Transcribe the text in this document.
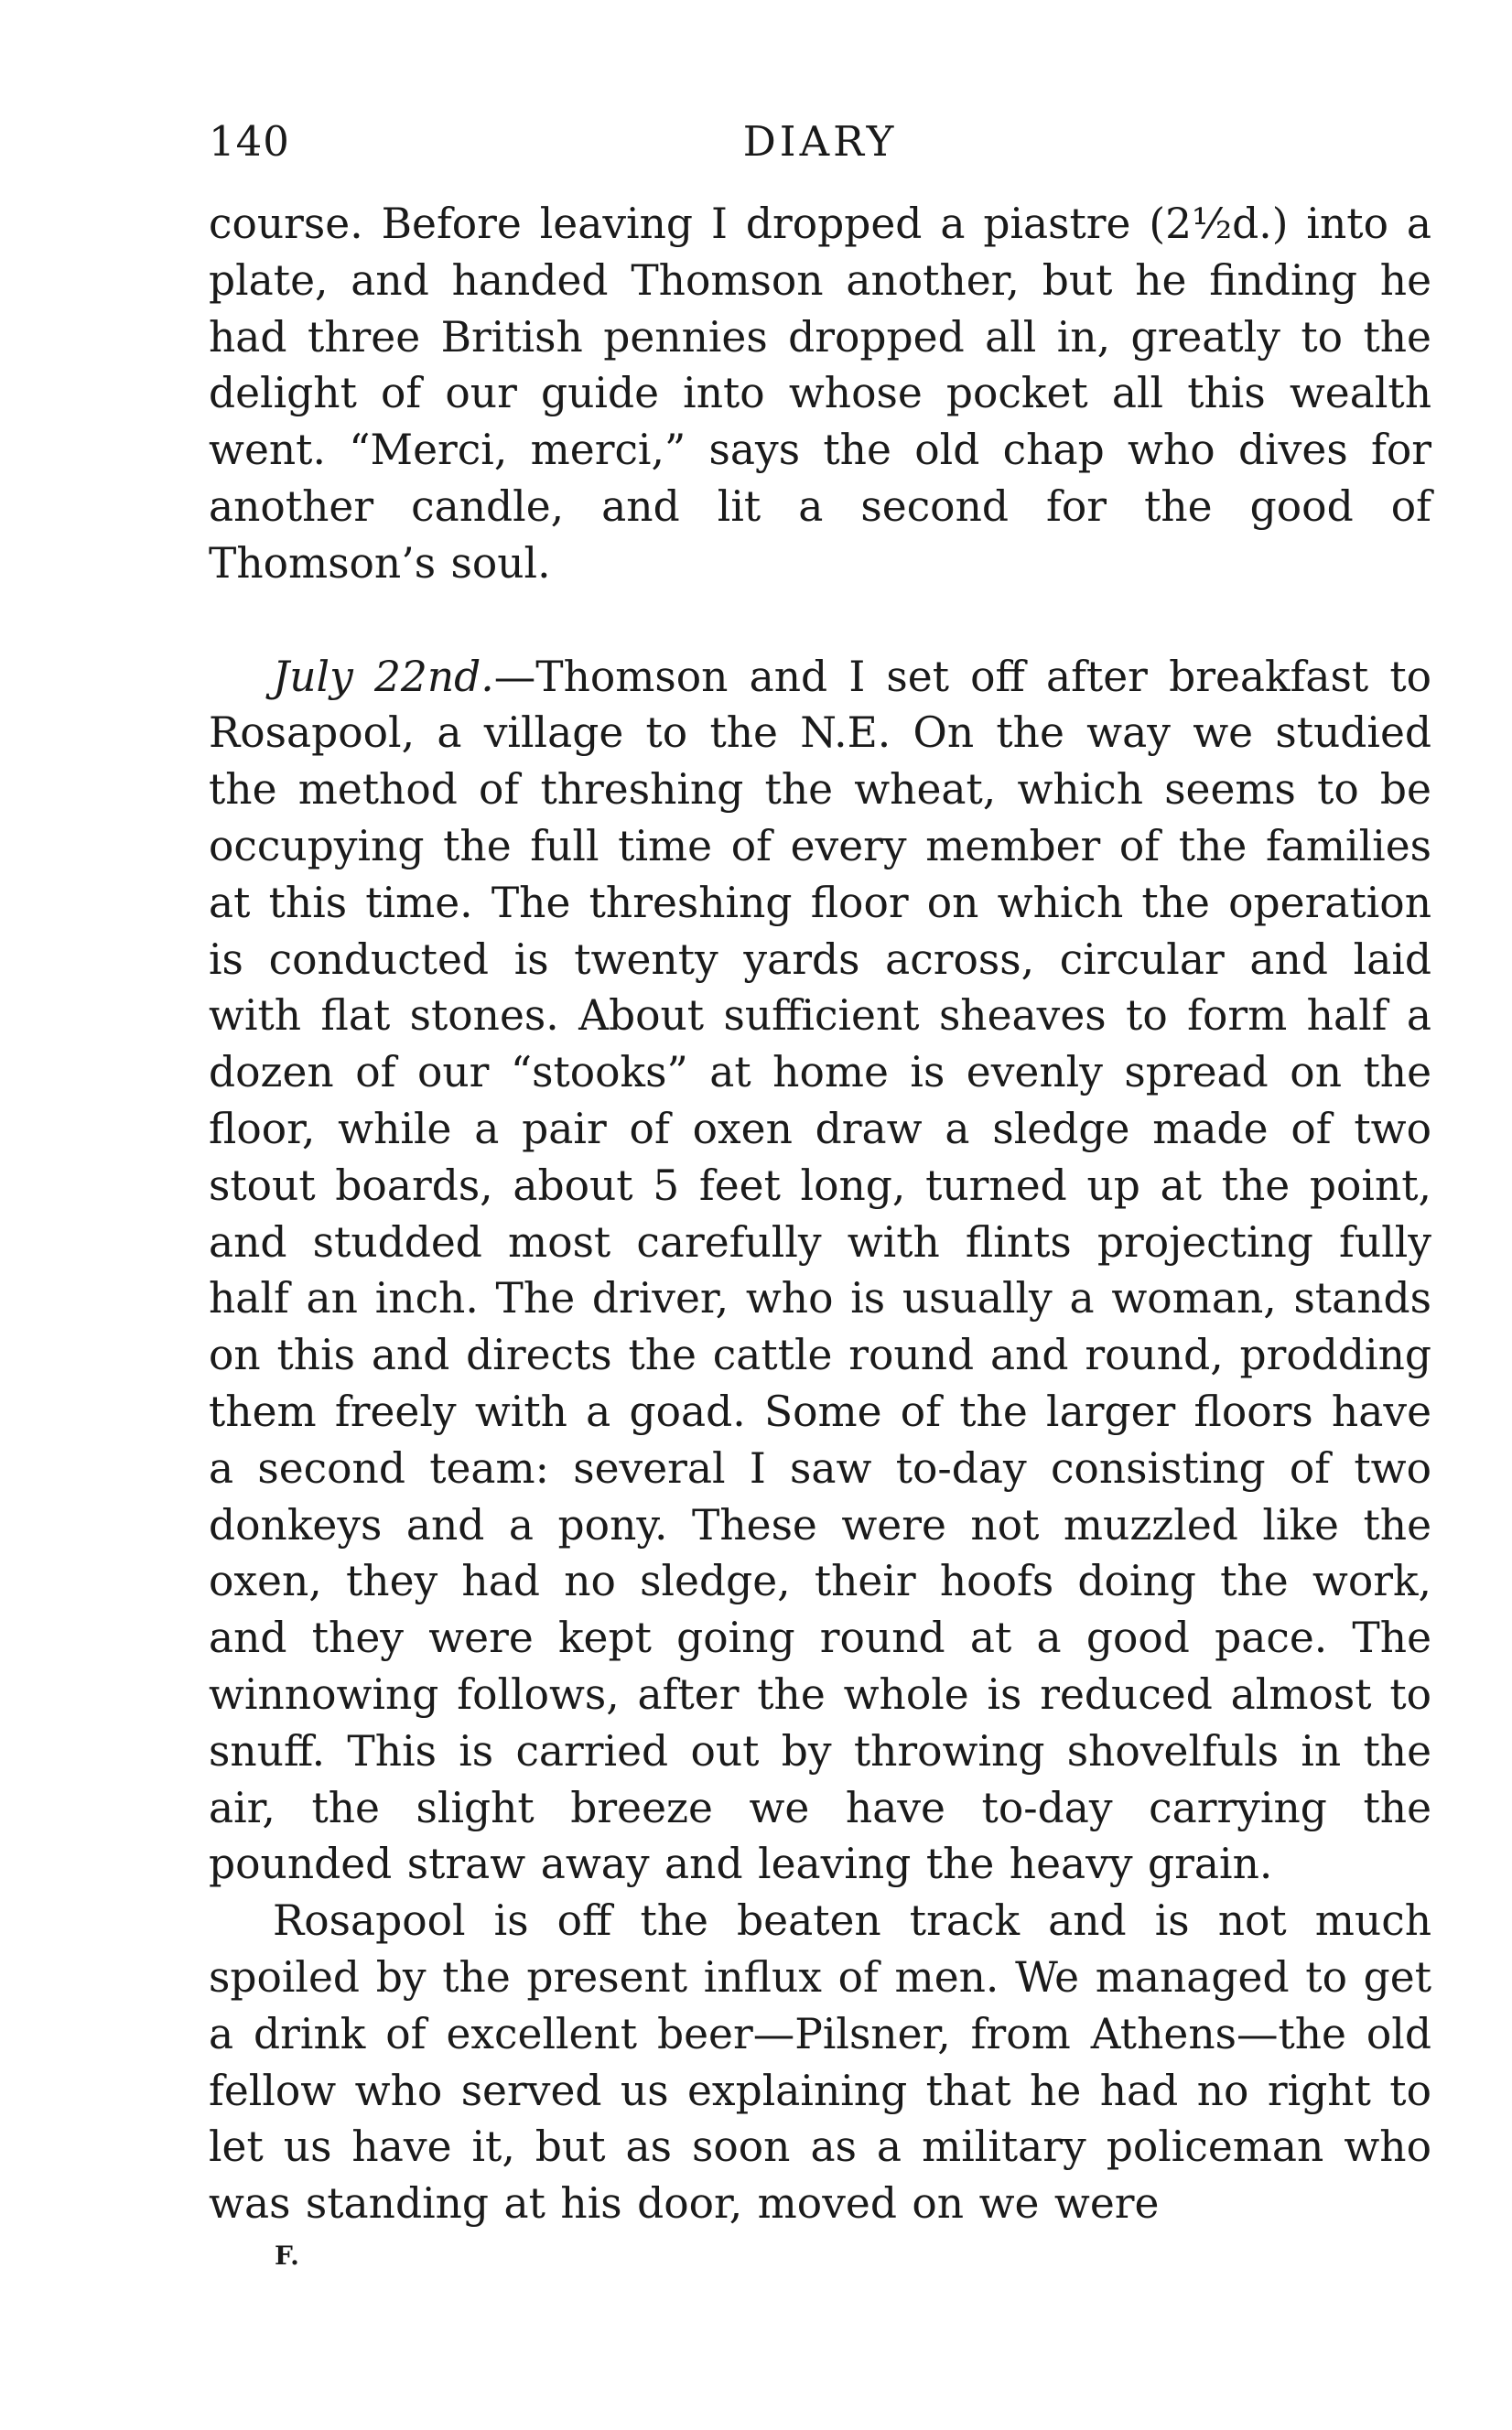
140	DIARY

course. Before leaving I dropped a piastre (2½d.) into a plate, and handed Thomson another, but he finding he had three British pennies dropped all in, greatly to the delight of our guide into whose pocket all this wealth went. “Merci, merci,” says the old chap who dives for another candle, and lit a second for the good of Thomson’s soul.

July 22nd.—Thomson and I set off after breakfast to Rosapool, a village to the N.E. On the way we studied the method of threshing the wheat, which seems to be occupying the full time of every member of the families at this time. The threshing floor on which the operation is conducted is twenty yards across, circular and laid with flat stones. About sufficient sheaves to form half a dozen of our “stooks” at home is evenly spread on the floor, while a pair of oxen draw a sledge made of two stout boards, about 5 feet long, turned up at the point, and studded most carefully with flints projecting fully half an inch. The driver, who is usually a woman, stands on this and directs the cattle round and round, prodding them freely with a goad. Some of the larger floors have a second team: several I saw to-day consisting of two donkeys and a pony. These were not muzzled like the oxen, they had no sledge, their hoofs doing the work, and they were kept going round at a good pace. The winnowing follows, after the whole is reduced almost to snuff. This is carried out by throwing shovelfuls in the air, the slight breeze we have to-day carrying the pounded straw away and leaving the heavy grain.

Rosapool is off the beaten track and is not much spoiled by the present influx of men. We managed to get a drink of excellent beer—Pilsner, from Athens—the old fellow who served us explaining that he had no right to let us have it, but as soon as a military policeman who was standing at his door, moved on we were

F.
